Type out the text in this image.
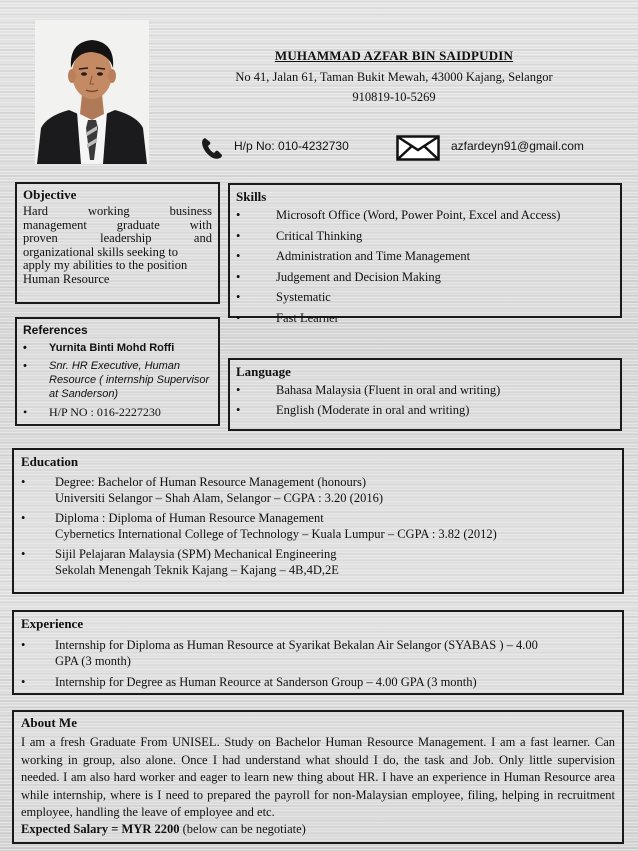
MUHAMMAD AZFAR BIN SAIDPUDIN
No 41, Jalan 61, Taman Bukit Mewah, 43000 Kajang, Selangor
910819-10-5269
H/p No: 010-4232730	azfardeyn91@gmail.com
Objective

Hard working business

management graduate with

proven leadership and

organizational skills seeking to

apply my abilities to the position

Human Resource

Skills
• Microsoft Office (Word, Power Point, Excel and Access)
• Critical Thinking
• Administration and Time Management
• Judgement and Decision Making
• Systematic
• Fast Learner
References
• Yurnita Binti Mohd Roffi
• Snr. HR Executive, Human Resource ( internship Supervisor at Sanderson)
• H/P NO : 016-2227230
Language
• Bahasa Malaysia (Fluent in oral and writing)
• English (Moderate in oral and writing)
Education
• Degree: Bachelor of Human Resource Management (honours)
Universiti Selangor – Shah Alam, Selangor – CGPA : 3.20 (2016)
• Diploma : Diploma of Human Resource Management
Cybernetics International College of Technology – Kuala Lumpur – CGPA : 3.82 (2012)
• Sijil Pelajaran Malaysia (SPM) Mechanical Engineering
Sekolah Menengah Teknik Kajang – Kajang – 4B,4D,2E
Experience
• Internship for Diploma as Human Resource at Syarikat Bekalan Air Selangor (SYABAS ) – 4.00
GPA (3 month)
• Internship for Degree as Human Reource at Sanderson Group – 4.00 GPA (3 month)
About Me

I am a fresh Graduate From UNISEL. Study on Bachelor Human Resource Management. I am a fast learner. Can working in group, also alone. Once I had understand what should I do, the task and Job. Only little supervision needed. I am also hard worker and eager to learn new thing about HR. I have an experience in Human Resource area while internship, where is I need to prepared the payroll for non-Malaysian employee, filing, helping in recruitment employee, handling the leave of employee and etc.

Expected Salary = MYR 2200 (below can be negotiate)
